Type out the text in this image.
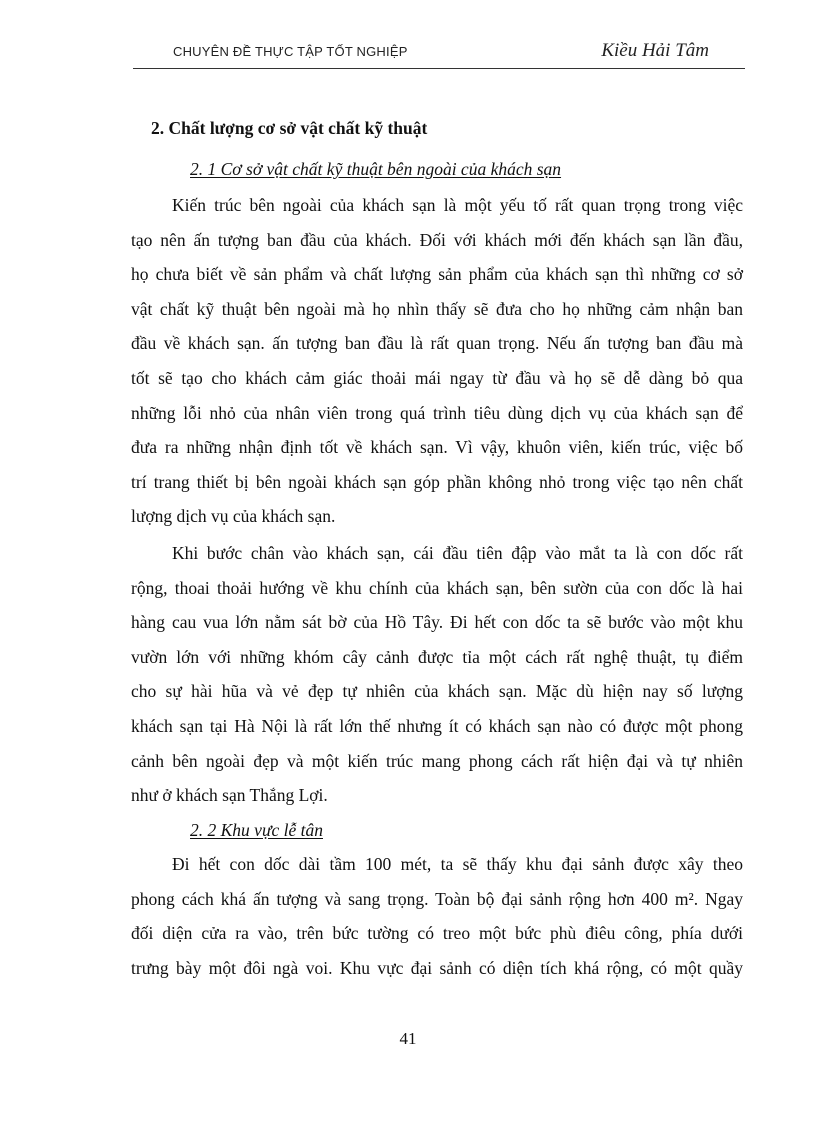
CHUYÊN ĐỀ THỰC TẬP TỐT NGHIỆP	Kiều Hải Tâm
2. Chất lượng cơ sở vật chất kỹ thuật
2. 1 Cơ sở vật chất kỹ thuật bên ngoài của khách sạn
Kiến trúc bên ngoài của khách sạn là một yếu tố rất quan trọng trong việc
tạo nên ấn tượng ban đầu của khách. Đối với khách mới đến khách sạn lần đầu,
họ chưa biết về sản phẩm và chất lượng sản phẩm của khách sạn thì những cơ sở
vật chất kỹ thuật bên ngoài mà họ nhìn thấy sẽ đưa cho họ những cảm nhận ban
đầu về khách sạn. ấn tượng ban đầu là rất quan trọng. Nếu ấn tượng ban đầu mà
tốt sẽ tạo cho khách cảm giác thoải mái ngay từ đầu và họ sẽ dễ dàng bỏ qua
những lỗi nhỏ của nhân viên trong quá trình tiêu dùng dịch vụ của khách sạn để
đưa ra những nhận định tốt về khách sạn. Vì vậy, khuôn viên, kiến trúc, việc bố
trí trang thiết bị bên ngoài khách sạn góp phần không nhỏ trong việc tạo nên chất
lượng dịch vụ của khách sạn.
Khi bước chân vào khách sạn, cái đầu tiên đập vào mắt ta là con dốc rất
rộng, thoai thoải hướng về khu chính của khách sạn, bên sườn của con dốc là hai
hàng cau vua lớn nằm sát bờ của Hồ Tây. Đi hết con dốc ta sẽ bước vào một khu
vườn lớn với những khóm cây cảnh được tỉa một cách rất nghệ thuật, tụ điểm
cho sự hài hũa và vẻ đẹp tự nhiên của khách sạn. Mặc dù hiện nay số lượng
khách sạn tại Hà Nội là rất lớn thế nhưng ít có khách sạn nào có được một phong
cảnh bên ngoài đẹp và một kiến trúc mang phong cách rất hiện đại và tự nhiên
như ở khách sạn Thắng Lợi.
2. 2 Khu vực lễ tân
Đi hết con dốc dài tầm 100 mét, ta sẽ thấy khu đại sảnh được xây theo
phong cách khá ấn tượng và sang trọng. Toàn bộ đại sảnh rộng hơn 400 m². Ngay
đối diện cửa ra vào, trên bức tường có treo một bức phù điêu công, phía dưới
trưng bày một đôi ngà voi. Khu vực đại sảnh có diện tích khá rộng, có một quầy
41
